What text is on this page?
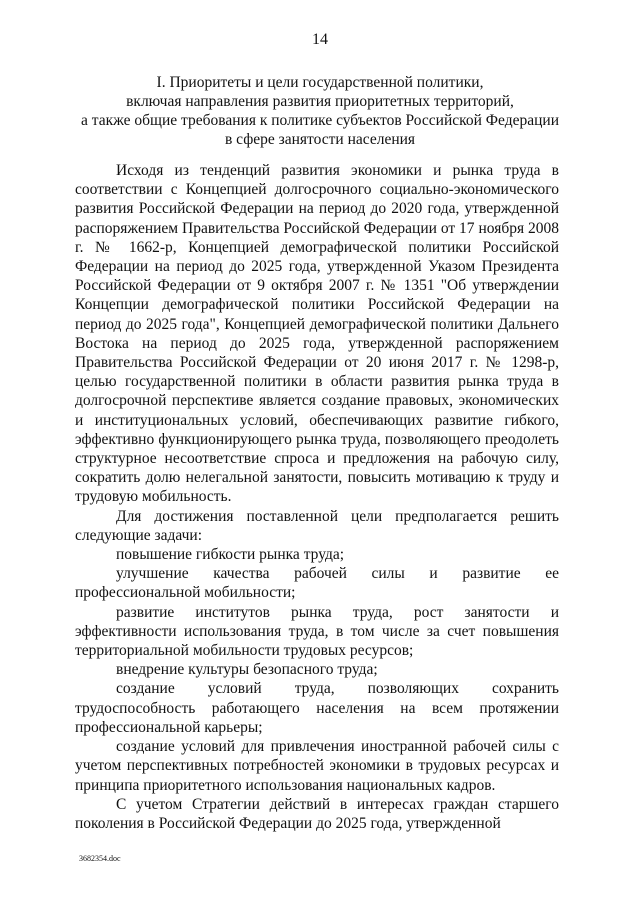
14
I. Приоритеты и цели государственной политики,
включая направления развития приоритетных территорий,
а также общие требования к политике субъектов Российской Федерации
в сфере занятости населения

Исходя из тенденций развития экономики и рынка труда в соответствии с Концепцией долгосрочного социально-экономического развития Российской Федерации на период до 2020 года, утвержденной распоряжением Правительства Российской Федерации от 17 ноября 2008 г. № 1662-р, Концепцией демографической политики Российской Федерации на период до 2025 года, утвержденной Указом Президента Российской Федерации от 9 октября 2007 г. № 1351 "Об утверждении Концепции демографической политики Российской Федерации на период до 2025 года", Концепцией демографической политики Дальнего Востока на период до 2025 года, утвержденной распоряжением Правительства Российской Федерации от 20 июня 2017 г. № 1298-р, целью государственной политики в области развития рынка труда в долгосрочной перспективе является создание правовых, экономических и институциональных условий, обеспечивающих развитие гибкого, эффективно функционирующего рынка труда, позволяющего преодолеть структурное несоответствие спроса и предложения на рабочую силу, сократить долю нелегальной занятости, повысить мотивацию к труду и трудовую мобильность.

Для достижения поставленной цели предполагается решить следующие задачи:

повышение гибкости рынка труда;

улучшение качества рабочей силы и развитие ее профессиональной мобильности;

развитие институтов рынка труда, рост занятости и эффективности использования труда, в том числе за счет повышения территориальной мобильности трудовых ресурсов;

внедрение культуры безопасного труда;

создание условий труда, позволяющих сохранить трудоспособность работающего населения на всем протяжении профессиональной карьеры;

создание условий для привлечения иностранной рабочей силы с учетом перспективных потребностей экономики в трудовых ресурсах и принципа приоритетного использования национальных кадров.

С учетом Стратегии действий в интересах граждан старшего поколения в Российской Федерации до 2025 года, утвержденной

3682354.doc
